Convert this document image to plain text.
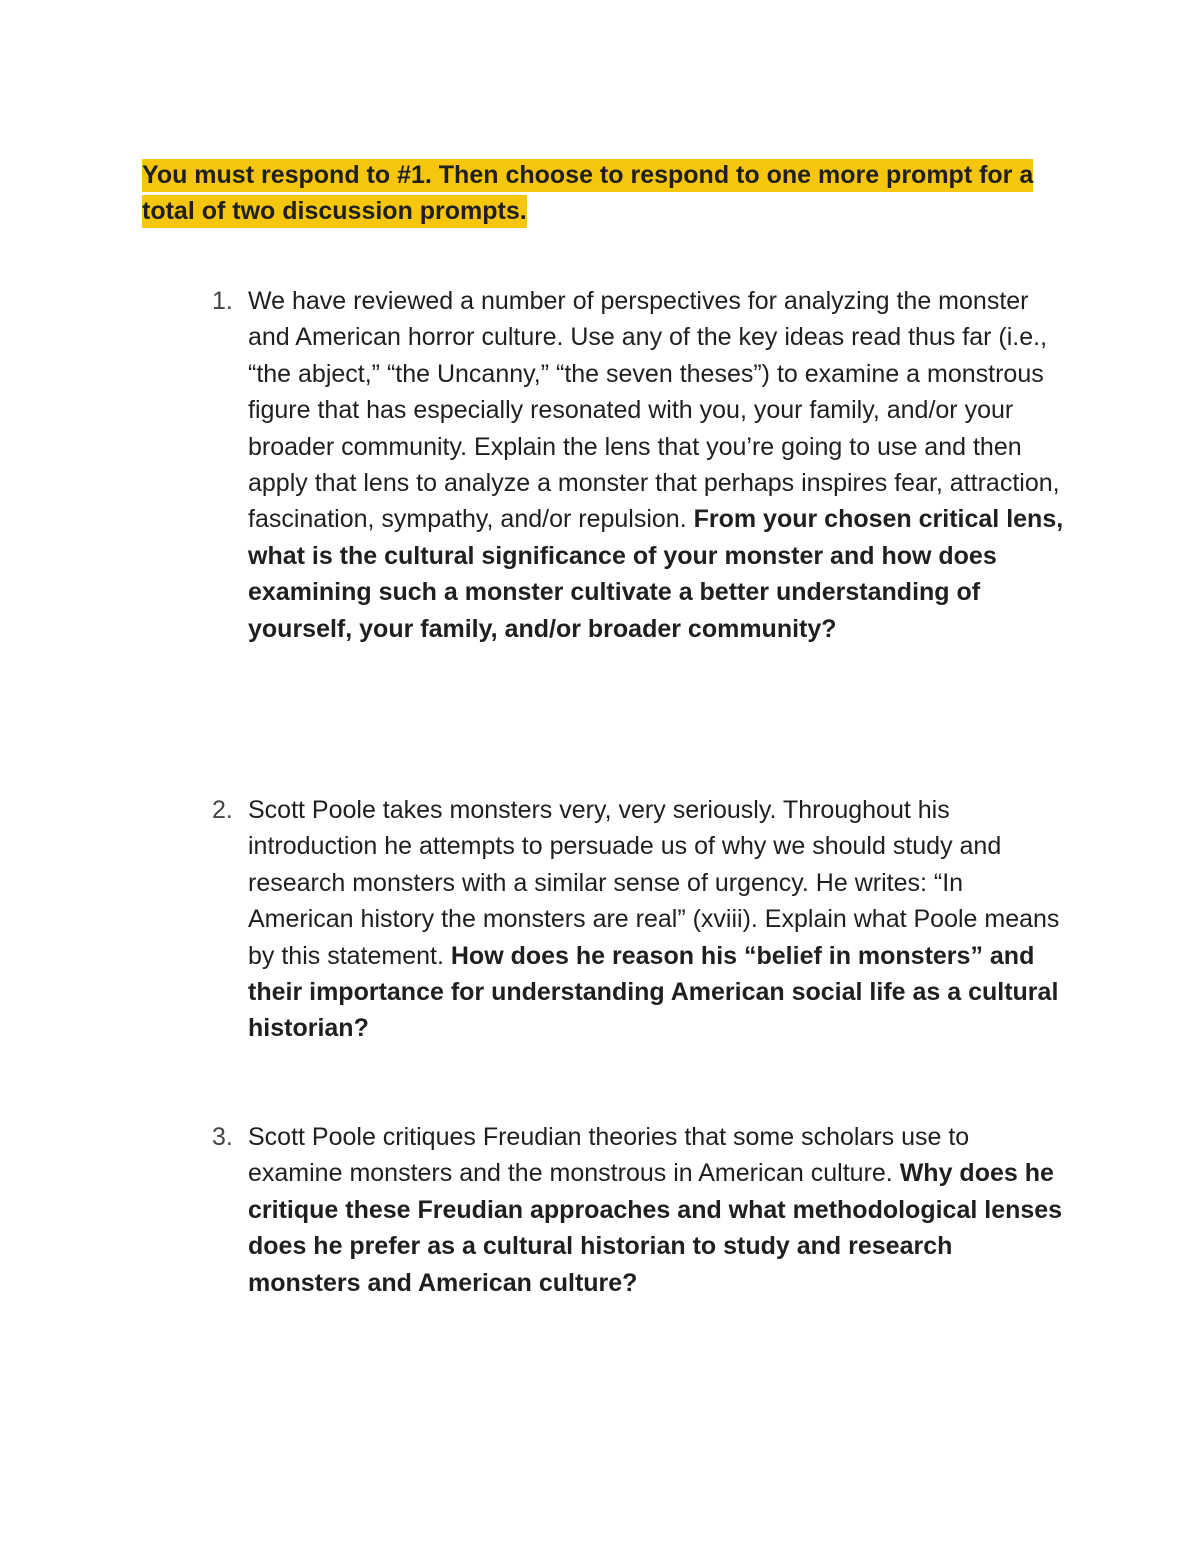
You must respond to #1. Then choose to respond to one more prompt for a total of two discussion prompts.

1. We have reviewed a number of perspectives for analyzing the monster and American horror culture. Use any of the key ideas read thus far (i.e., “the abject,” “the Uncanny,” “the seven theses”) to examine a monstrous figure that has especially resonated with you, your family, and/or your broader community. Explain the lens that you’re going to use and then apply that lens to analyze a monster that perhaps inspires fear, attraction, fascination, sympathy, and/or repulsion. From your chosen critical lens, what is the cultural significance of your monster and how does examining such a monster cultivate a better understanding of yourself, your family, and/or broader community?

2. Scott Poole takes monsters very, very seriously. Throughout his introduction he attempts to persuade us of why we should study and research monsters with a similar sense of urgency. He writes: “In American history the monsters are real” (xviii). Explain what Poole means by this statement. How does he reason his “belief in monsters” and their importance for understanding American social life as a cultural historian?

3. Scott Poole critiques Freudian theories that some scholars use to examine monsters and the monstrous in American culture. Why does he critique these Freudian approaches and what methodological lenses does he prefer as a cultural historian to study and research monsters and American culture?
